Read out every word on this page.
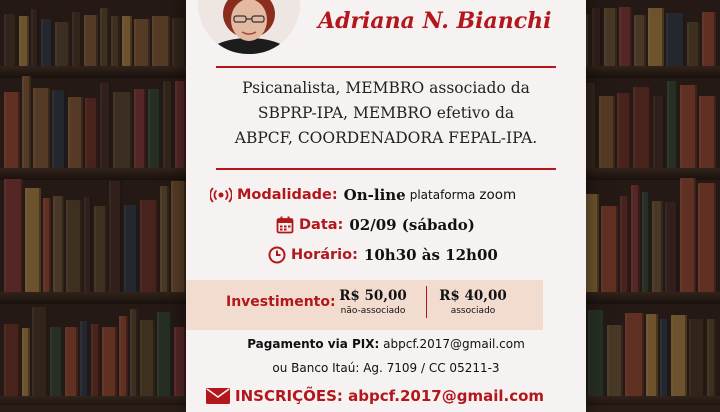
Adriana N. Bianchi
Psicanalista, MEMBRO associado da
SBPRP-IPA, MEMBRO efetivo da
ABPCF, COORDENADORA FEPAL-IPA.
Modalidade: On-line plataforma zoom
Data: 02/09 (sábado)
Horário: 10h30 às 12h00
Investimento: R$ 50,00
não-associado
R$ 40,00
associado
Pagamento via PIX: abpcf.2017@gmail.com
ou Banco Itaú: Ag. 7109 / CC 05211-3
INSCRIÇÕES: abpcf.2017@gmail.com
